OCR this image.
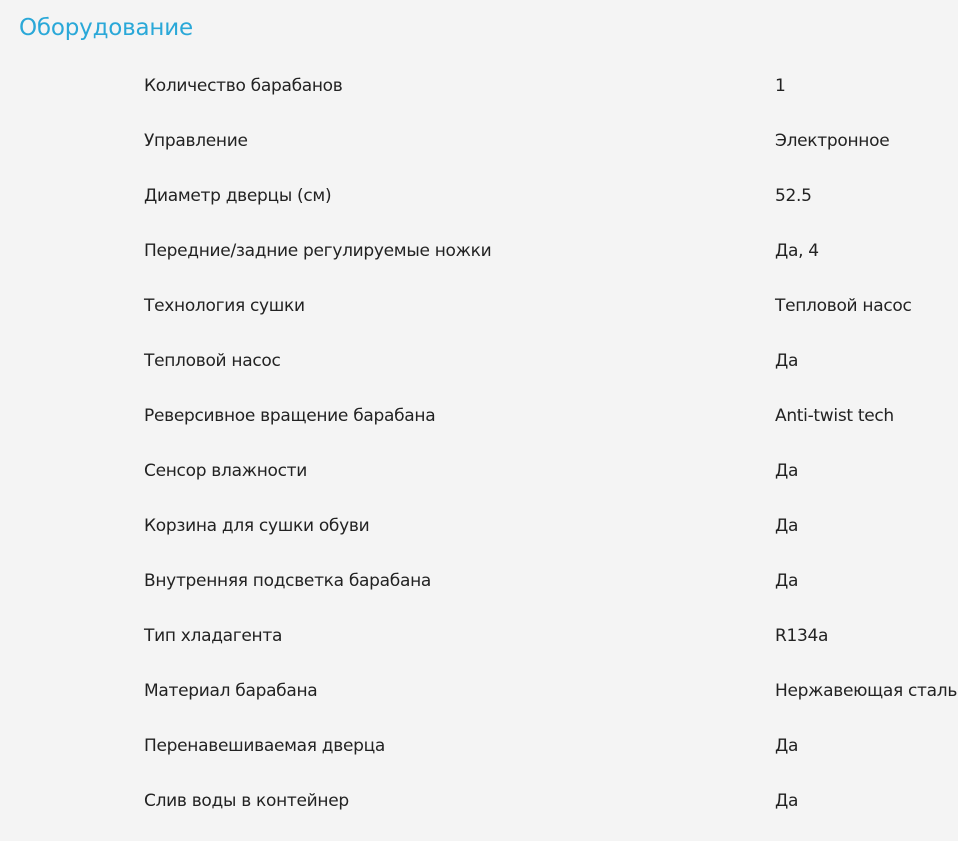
Оборудование
Количество барабанов	1
Управление	Электронное
Диаметр дверцы (см)	52.5
Передние/задние регулируемые ножки	Да, 4
Технология сушки	Тепловой насос
Тепловой насос	Да
Реверсивное вращение барабана	Anti-twist tech
Сенсор влажности	Да
Корзина для сушки обуви	Да
Внутренняя подсветка барабана	Да
Тип хладагента	R134a
Материал барабана	Нержавеющая сталь
Перенавешиваемая дверца	Да
Слив воды в контейнер	Да
